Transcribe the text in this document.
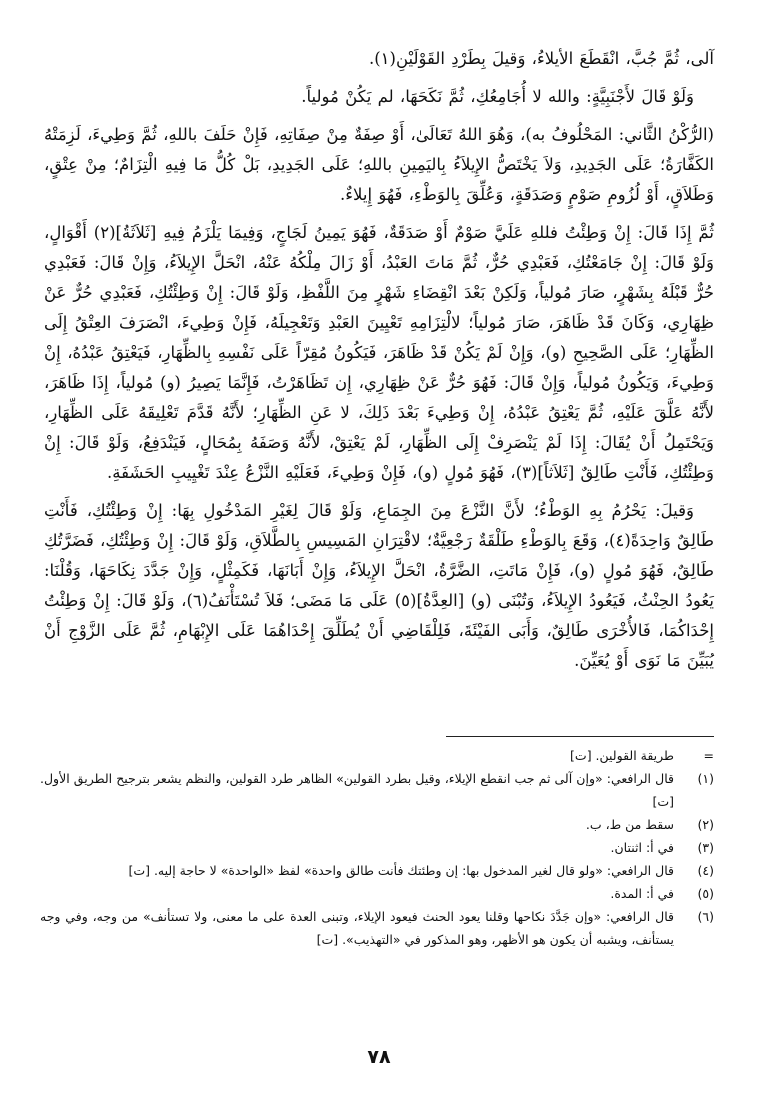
آلى، ثُمَّ جُبَّ، انْقَطَعَ الأيلاءُ، وَقيلَ بِطَرْدِ القَوْلَيْنِ(١).

وَلَوْ قَالَ لأَجْنَبِيَّةٍ: والله لا أُجَامِعُكِ، ثُمَّ نَكَحَهَا، لم يَكُنْ مُولياً.

(الرُّكْنُ الثَّاني: المَحْلُوفُ به)، وَهُوَ اللهُ تَعَالَىٰ، أَوْ صِفَةٌ مِنْ صِفَاتِهِ، فَإِنْ حَلَفَ باللهِ، ثُمَّ وَطِيءَ، لَزِمَتْهُ الكَفَّارَةُ؛ عَلَى الجَدِيدِ، وَلاَ يَخْتَصُّ الإِيلاَءُ بِاليَمِينِ باللهِ؛ عَلَى الجَدِيدِ، بَلْ كُلُّ مَا فِيهِ الْتِزَامٌ؛ مِنْ عِتْقٍ، وَطَلاَقٍ، أَوْ لُزُومِ صَوْمٍ وَصَدَقَةٍ، وَعُلِّقَ بِالوَطْءِ، فَهُوَ إِيلاءٌ.

ثُمَّ إِذَا قَالَ: إِنْ وَطِئْتُ فللهِ عَلَيَّ صَوْمٌ أَوْ صَدَقَةٌ، فَهُوَ يَمِينُ لَجَاجٍ، وَفِيمَا يَلْزَمُ فِيهِ [ثَلاَثَةُ](٢) أَقْوَالٍ، وَلَوْ قَالَ: إِنْ جَامَعْتُكِ، فَعَبْدِي حُرٌّ، ثُمَّ مَاتَ العَبْدُ، أَوْ زَالَ مِلْكُهُ عَنْهُ، انْحَلَّ الإِيلاَءُ، وَإِنْ قَالَ: فَعَبْدِي حُرٌّ قَبْلَهُ بِشَهْرٍ، صَارَ مُولياً، وَلَكِنْ بَعْدَ انْقِضَاءِ شَهْرٍ مِنَ اللَّفْظِ، وَلَوْ قَالَ: إِنْ وَطِئْتُكِ، فَعَبْدِي حُرٌّ عَنْ ظِهَارِي، وَكَانَ قَدْ ظَاهَرَ، صَارَ مُولياً؛ لالْتِزَامِهِ تَعْيِينَ العَبْدِ وَتَعْجِيلَهُ، فَإِنْ وَطِيءَ، انْصَرَفَ العِتْقُ إِلَى الظِّهَارِ؛ عَلَى الصَّحِيحِ (و)، وَإِنْ لَمْ يَكُنْ قَدْ ظَاهَرَ، فَيَكُونُ مُقِرّاً عَلَى نَفْسِهِ بِالظِّهَارِ، فَيَعْتِقُ عَبْدُهُ، إِنْ وَطِيءَ، وَيَكُونُ مُولياً، وَإِنْ قَالَ: فَهُوَ حُرٌّ عَنْ ظِهَارِي، إِن تَظَاهَرْتُ، فَإِنَّمَا يَصِيرُ (و) مُولياً، إِذَا ظَاهَرَ، لأَنَّهُ عَلَّقَ عَلَيْهِ، ثُمَّ يَعْتِقُ عَبْدُهُ، إِنْ وَطِيءَ بَعْدَ ذَلِكَ، لا عَنِ الظِّهَارِ؛ لأَنَّهُ قَدَّمَ تَعْلِيقَهُ عَلَى الظِّهَارِ، وَيَحْتَمِلُ أَنْ يُقَالَ: إِذَا لَمْ يَنْصَرِفْ إِلَى الظِّهَارِ، لَمْ يَعْتِقْ، لأَنَّهُ وَصَفَهُ بِمُحَالٍ، فَيَنْدَفِعُ، وَلَوْ قَالَ: إِنْ وَطِئْتُكِ، فَأَنْتِ طَالِقٌ [ثَلاَثاً](٣)، فَهُوَ مُولٍ (و)، فَإِنْ وَطِيءَ، فَعَلَيْهِ النَّزْعُ عِنْدَ تَغْيِيبِ الحَشَفَةِ.

وَقيلَ: يَحْرُمُ بِهِ الوَطْءُ؛ لأَنَّ النَّزْعَ مِنَ الجِمَاعِ، وَلَوْ قَالَ لِغَيْرِ المَدْخُولِ بِهَا: إِنْ وَطِئْتُكِ، فَأَنْتِ طَالِقٌ وَاحِدَةً(٤)، وَقَعَ بِالوَطْءِ طَلْقَةٌ رَجْعِيَّةٌ؛ لاقْتِرَانِ المَسِيسِ بِالطَّلاَقِ، وَلَوْ قَالَ: إِنْ وَطِئْتُكِ، فَضَرَّتُكِ طَالِقٌ، فَهُوَ مُولٍ (و)، فَإِنْ مَاتَتِ، الضَّرَّةُ، انْحَلَّ الإِيلاَءُ، وَإِنْ أَبَانَهَا، فَكَمِثْلٍ، وَإِنْ جَدَّدَ نِكَاحَهَا، وَقُلْنَا: يَعُودُ الحِنْثُ، فَيَعُودُ الإِيلاَءُ، وَتُبْنَى (و) [العِدَّةُ](٥) عَلَى مَا مَضَى؛ فَلاَ تُسْتَأْنَفُ(٦)، وَلَوْ قَالَ: إِنْ وَطِئْتُ إِحْدَاكُمَا، فَالأُخْرَى طَالِقٌ، وَأَبَى الفَيْئَةَ، فَلِلْقَاضِي أَنْ يُطَلِّقَ إِحْدَاهُمَا عَلَى الإِبْهَامِ، ثُمَّ عَلَى الزَّوْجِ أَنْ يُبَيِّنَ مَا نَوَى أَوْ يُعَيِّنَ.

=
طريقة القولين. [ت]
(١)
قال الرافعي: «وإن آلى ثم جب انقطع الإيلاء، وقيل بطرد القولين» الظاهر طرد القولين، والنظم يشعر بترجيح الطريق الأول. [ت]
(٢)
سقط من ط، ب.
(٣)
في أ: اثنتان.
(٤)
قال الرافعي: «ولو قال لغير المدخول بها: إن وطئتك فأنت طالق واحدة» لفظ «الواحدة» لا حاجة إليه. [ت]
(٥)
في أ: المدة.
(٦)
قال الرافعي: «وإن جَدَّدَ نكاحها وقلنا يعود الحنث فيعود الإيلاء، وتبنى العدة على ما معنى، ولا تستأنف» من وجه، وفي وجه يستأنف، ويشبه أن يكون هو الأظهر، وهو المذكور في «التهذيب». [ت]
٧٨
